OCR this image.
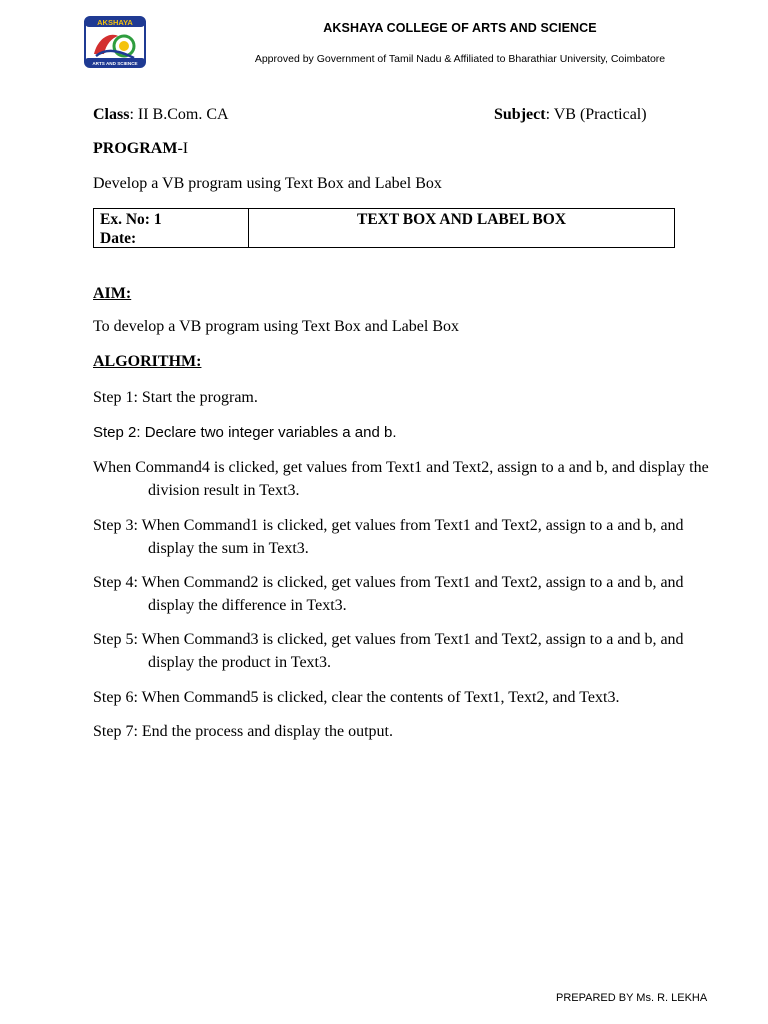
AKSHAYA
ARTS AND SCIENCE
AKSHAYA COLLEGE OF ARTS AND SCIENCE
Approved by Government of Tamil Nadu & Affiliated to Bharathiar University, Coimbatore
Class: II B.Com. CA	Subject: VB (Practical)
PROGRAM-I
Develop a VB program using Text Box and Label Box
Ex. No: 1
Date:
TEXT BOX AND LABEL BOX
AIM:
To develop a VB program using Text Box and Label Box
ALGORITHM:
Step 1: Start the program.
Step 2: Declare two integer variables a and b.
When Command4 is clicked, get values from Text1 and Text2, assign to a and b, and display the division result in Text3.
Step 3: When Command1 is clicked, get values from Text1 and Text2, assign to a and b, and display the sum in Text3.
Step 4: When Command2 is clicked, get values from Text1 and Text2, assign to a and b, and display the difference in Text3.
Step 5: When Command3 is clicked, get values from Text1 and Text2, assign to a and b, and display the product in Text3.
Step 6: When Command5 is clicked, clear the contents of Text1, Text2, and Text3.
Step 7: End the process and display the output.
PREPARED BY Ms. R. LEKHA
